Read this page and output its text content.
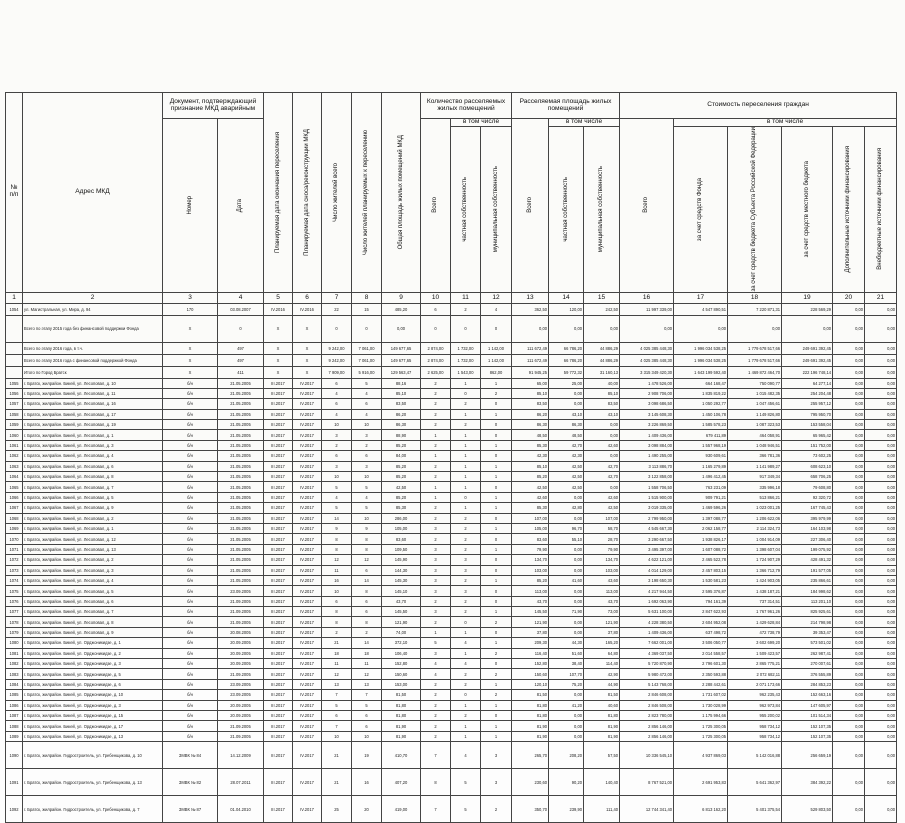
№ п/п	Адрес МКД	Документ, подтверждающий признание МКД аварийным		Планируемая дата окончания переселения	Планируемая дата сноса/реконструкции МКД	Число жителей всего	Число жителей планируемых к переселению	Общая площадь жилых помещений МКД	Количество расселяемых жилых помещений			Расселяемая площадь жилых помещений			Стоимость переселения граждан					

		Номер	Дата						Всего	в том числе		Всего	в том числе		Всего	в том числе				

										частная собственность	муниципальная собственность		частная собственность	муниципальная собственность		за счет средств Фонда	за счет средств бюджета Субъекта Российской Федерации	за счет средств местного бюджета	Дополнительные источники финансирования	Внебюджетные источники финансирования

1	2	3	4	5	6	7	8	9	10	11	12	13	14	15	16	17	18	19	20	21
1054	ул. Магистральная, ул. Мира, д. 94	170	03.08.2007	IV.2016	IV.2016	22	15	485,20	6	2	4	362,50	120,00	242,50	11 997 339,00	4 547 890,51	7 220 871,31	228 569,29	0,00	0,00
	Всего по этапу 2015 года без финансовой поддержки Фонда	X	0	X	X	0	0	0,00	0	0	0	0,00	0,00	0,00	0,00	0,00	0,00	0,00	0,00	0,00
	Всего по этапу 2016 года, в т.ч.	X	497	X	X	9 242,00	7 061,00	149 677,65	2 874,00	1 732,00	1 142,00	111 672,49	66 786,20	44 886,29	4 025 385 448,30	1 996 034 538,25	1 779 678 517,66	249 691 392,45	0,00	0,00
	Всего по этапу 2016 года с финансовой поддержкой Фонда	X	497	X	X	9 242,00	7 061,00	149 677,65	2 874,00	1 732,00	1 142,00	111 672,49	66 786,20	44 886,29	4 025 385 448,30	1 996 034 538,25	1 779 678 517,66	249 691 392,45	0,00	0,00
	Итого по Город Братск	X	411	X	X	7 909,00	5 916,00	129 563,47	2 625,00	1 543,00	862,00	91 945,25	59 772,32	31 160,13	3 315 349 420,30	1 643 199 592,40	1 469 872 464,70	222 196 748,14	0,00	0,00
1055	г. Братск, жилрайон. Бикей, ул. Лесоповал, д. 10	б/н	21.05.2005	III.2017	IV.2017	6	5	88,16	2	1	1	65,00	25,00	40,00	1 478 526,00	664 168,47	750 090,77	64 277,14	0,00	0,00
1056	г. Братск, жилрайон. Бикей, ул. Лесоповал, д. 11	б/н	21.05.2005	III.2017	IV.2017	4	4	85,10	2	0	2	85,10	0,00	85,10	2 908 706,00	1 835 819,22	1 015 482,35	254 204,48	0,00	0,00
1057	г. Братск, жилрайон. Бикей, ул. Лесоповал, д. 16	б/н	21.05.2005	III.2017	IV.2017	6	6	83,50	2	2	0	83,50	0,00	83,50	3 098 686,50	1 050 292,77	1 047 456,61	255 957,12	0,00	0,00
1058	г. Братск, жилрайон. Бикей, ул. Лесоповал, д. 17	б/н	21.05.2005	III.2017	IV.2017	4	4	86,20	2	1	1	86,20	43,10	43,10	3 145 608,30	1 450 106,78	1 149 826,80	795 950,70	0,00	0,00
1059	г. Братск, жилрайон. Бикей, ул. Лесоповал, д. 19	б/н	21.05.2005	III.2017	IV.2017	10	10	86,30	2	2	0	86,30	86,30	0,00	3 226 869,50	1 585 578,23	1 087 323,53	153 558,04	0,00	0,00
1060	г. Братск, жилрайон. Бикей, ул. Лесоповал, д. 1	б/н	21.05.2005	III.2017	IV.2017	3	3	88,90	1	1	0	48,50	48,50	0,00	1 409 436,00	679 411,89	464 058,91	65 965,42	0,00	0,00
1061	г. Братск, жилрайон. Бикей, ул. Лесоповал, д. 3	б/н	21.05.2005	III.2017	IV.2017	2	2	85,20	2	1	1	85,30	42,70	42,60	3 098 884,00	1 557 968,19	1 048 946,51	151 752,00	0,00	0,00
1062	г. Братск, жилрайон. Бикей, ул. Лесоповал, д. 4	б/н	21.05.2005	III.2017	IV.2017	6	6	84,00	1	1	0	42,30	42,30	0,00	1 490 255,00	930 609,61	366 781,36	73 602,25	0,00	0,00
1063	г. Братск, жилрайон. Бикей, ул. Лесоповал, д. 6	б/н	21.05.2005	III.2017	IV.2017	3	3	85,20	2	1	1	85,10	42,50	42,70	3 113 886,70	1 165 279,89	1 141 989,27	608 623,10	0,00	0,00
1064	г. Братск, жилрайон. Бикей, ул. Лесоповал, д. 8	б/н	21.05.2005	III.2017	IV.2017	10	10	85,20	2	1	1	85,20	42,50	42,70	3 122 858,00	1 496 412,45	917 349,34	658 706,25	0,00	0,00
1065	г. Братск, жилрайон. Бикей, ул. Лесоповал, д. 7	б/н	21.05.2005	III.2017	IV.2017	5	5	42,50	1	1	0	42,50	42,50	0,00	1 558 706,50	763 231,09	335 996,18	79 608,80	0,00	0,00
1066	г. Братск, жилрайон. Бикей, ул. Лесоповал, д. 5	б/н	21.05.2005	III.2017	IV.2017	4	4	85,20	1	0	1	42,60	0,00	42,60	1 515 900,00	909 791,21	513 866,21	92 320,72	0,00	0,00
1067	г. Братск, жилрайон. Бикей, ул. Лесоповал, д. 9	б/н	21.05.2005	III.2017	IV.2017	5	5	85,30	2	1	1	85,30	42,80	42,50	3 019 335,00	1 469 596,26	1 023 001,25	167 745,43	0,00	0,00
1068	г. Братск, жилрайон. Бикей, ул. Лесоповал, д. 2	б/н	21.05.2005	III.2017	IV.2017	14	10	286,00	2	2	0	107,00	0,00	107,00	2 799 950,00	1 397 088,77	1 206 622,06	395 979,99	0,00	0,00
1069	г. Братск, жилрайон. Бикей, ул. Лесоповал, д. 1	б/н	21.05.2005	III.2017	IV.2017	9	9	105,00	3	2	1	105,00	96,70	58,70	4 545 667,30	2 062 158,77	2 114 324,73	164 103,98	0,00	0,00
1070	г. Братск, жилрайон. Бикей, ул. Лесоповал, д. 12	б/н	21.05.2005	III.2017	IV.2017	8	8	83,60	2	2	0	83,60	55,10	28,70	3 290 667,50	1 938 826,17	1 004 914,09	227 306,40	0,00	0,00
1071	г. Братск, жилрайон. Бикей, ул. Лесоповал, д. 13	б/н	21.05.2005	III.2017	IV.2017	8	8	109,50	3	2	1	79,90	0,00	79,90	3 495 397,00	1 607 088,72	1 398 607,04	199 075,92	0,00	0,00
1072	г. Братск, жилрайон. Бикей, ул. Лесоповал, д. 2	б/н	21.05.2005	III.2017	IV.2017	12	12	145,90	3	3	0	134,70	0,00	134,70	4 622 121,00	2 465 522,78	1 724 907,29	428 491,32	0,00	0,00
1073	г. Братск, жилрайон. Бикей, ул. Лесоповал, д. 3	б/н	21.05.2005	III.2017	IV.2017	11	6	144,30	3	3	0	103,00	0,00	103,00	4 014 129,00	2 457 803,15	1 366 712,79	191 577,05	0,00	0,00
1074	г. Братск, жилрайон. Бикей, ул. Лесоповал, д. 4	б/н	21.05.2005	III.2017	IV.2017	16	14	145,30	3	2	1	85,20	41,60	43,60	3 198 650,30	1 530 581,23	1 424 903,05	235 866,61	0,00	0,00
1075	г. Братск, жилрайон. Бикей, ул. Лесоповал, д. 5	б/н	23.09.2005	III.2017	IV.2017	10	8	145,10	3	3	0	113,00	0,00	113,00	4 217 944,50	2 595 376,87	1 438 187,21	184 998,62	0,00	0,00
1076	г. Братск, жилрайон. Бикей, ул. Лесоповал, д. 6	б/н	21.09.2005	III.2017	IV.2017	6	6	43,70	2	2	0	43,70	0,00	43,70	1 692 063,90	794 161,39	737 314,51	113 201,10	0,00	0,00
1077	г. Братск, жилрайон. Бикей, ул. Лесоповал, д. 7	б/н	21.09.2005	III.2017	IV.2017	8	6	145,50	3	2	1	145,50	71,90	73,00	5 631 100,00	2 847 622,93	1 767 961,26	825 925,61	0,00	0,00
1078	г. Братск, жилрайон. Бикей, ул. Лесоповал, д. 8	б/н	21.09.2005	III.2017	IV.2017	8	8	121,90	2	0	2	121,90	0,00	121,90	4 228 380,50	2 604 952,08	1 429 628,84	214 798,98	0,00	0,00
1079	г. Братск, жилрайон. Бикей, ул. Лесоповал, д. 9	б/н	20.08.2005	III.2017	IV.2017	2	2	74,00	1	1	0	37,80	0,00	37,80	1 409 436,00	637 498,72	472 738,79	39 353,47	0,00	0,00
1080	г. Братск, жилрайон. Бикей, ул. Орджоникидзе, д. 1	б/н	20.09.2005	III.2017	IV.2017	21	14	372,10	5	4	1	209,30	44,30	165,20	7 662 001,00	3 506 050,77	3 602 699,20	573 501,02	0,00	0,00
1081	г. Братск, жилрайон. Бикей, ул. Орджоникидзе, д. 2	б/н	20.09.2005	III.2017	IV.2017	18	18	106,40	3	1	2	116,40	51,60	64,80	4 369 037,50	2 014 558,57	1 509 423,57	262 987,41	0,00	0,00
1082	г. Братск, жилрайон. Бикей, ул. Орджоникидзе, д. 3	б/н	20.09.2005	III.2017	IV.2017	11	11	152,80	4	4	0	152,80	38,40	114,40	5 720 870,90	2 796 601,30	2 865 775,21	270 007,61	0,00	0,00
1083	г. Братск, жилрайон. Бикей, ул. Орджоникидзе, д. 5	б/н	21.09.2005	III.2017	IV.2017	12	12	150,60	4	2	2	150,60	107,70	42,90	5 980 472,00	2 350 593,88	2 072 682,11	376 555,89	0,00	0,00
1084	г. Братск, жилрайон. Бикей, ул. Орджоникидзе, д. 6	б/н	23.09.2005	III.2017	IV.2017	13	13	153,00	2	2	1	120,10	75,20	44,90	5 143 768,00	2 288 442,61	2 071 173,66	284 853,23	0,00	0,00
1085	г. Братск, жилрайон. Бикей, ул. Орджоникидзе, д. 10	б/н	23.09.2005	III.2017	IV.2017	7	7	81,50	2	0	2	81,50	0,00	81,50	2 846 608,00	1 731 607,02	962 235,43	152 663,16	0,00	0,00
1086	г. Братск, жилрайон. Бикей, ул. Орджоникидзе, д. 3	б/н	20.09.2005	III.2017	IV.2017	5	5	81,80	2	1	1	81,80	41,20	40,60	2 846 508,00	1 730 028,99	962 973,84	147 605,97	0,00	0,00
1087	г. Братск, жилрайон. Бикей, ул. Орджоникидзе, д. 15	б/н	20.09.2005	III.2017	IV.2017	6	6	81,80	2	2	0	81,80	0,00	81,80	2 823 780,00	1 175 994,66	955 200,02	101 514,34	0,00	0,00
1088	г. Братск, жилрайон. Бикей, ул. Орджоникидзе, д. 17	б/н	21.09.2005	III.2017	IV.2017	7	6	81,90	2	1	1	81,90	0,00	81,90	2 856 146,00	1 725 300,05	958 734,12	152 107,35	0,00	0,00
1089	г. Братск, жилрайон. Бикей, ул. Орджоникидзе, д. 13	б/н	21.09.2005	III.2017	IV.2017	10	10	81,90	2	1	1	81,90	0,00	81,90	2 856 146,00	1 725 300,05	958 734,12	152 107,35	0,00	0,00
1090	г. Братск, жилрайон. Гидростроитель, ул. Гребенщикова, д. 10	ЗМВК № 84	14.12.2009	III.2017	IV.2017	21	19	410,70	7	4	3	265,70	208,20	57,50	10 336 545,10	4 937 869,03	5 142 016,88	256 659,19	0,00	0,00
1091	г. Братск, жилрайон. Гидростроитель, ул. Гребенщикова, д. 13	ЗМВК № 82	28.07.2011	III.2017	IV.2017	21	16	407,20	8	5	3	230,60	90,20	140,40	8 767 521,00	2 691 953,83	5 641 362,97	384 392,22	0,00	0,00
1092	г. Братск, жилрайон. Гидростроитель, ул. Гребенщикова, д. 7	ЗМВК № 87	01.04.2010	III.2017	IV.2017	25	20	419,00	7	5	2	350,70	239,90	111,40	12 744 341,40	6 813 162,20	5 401 375,54	529 803,50	0,00	0,00
